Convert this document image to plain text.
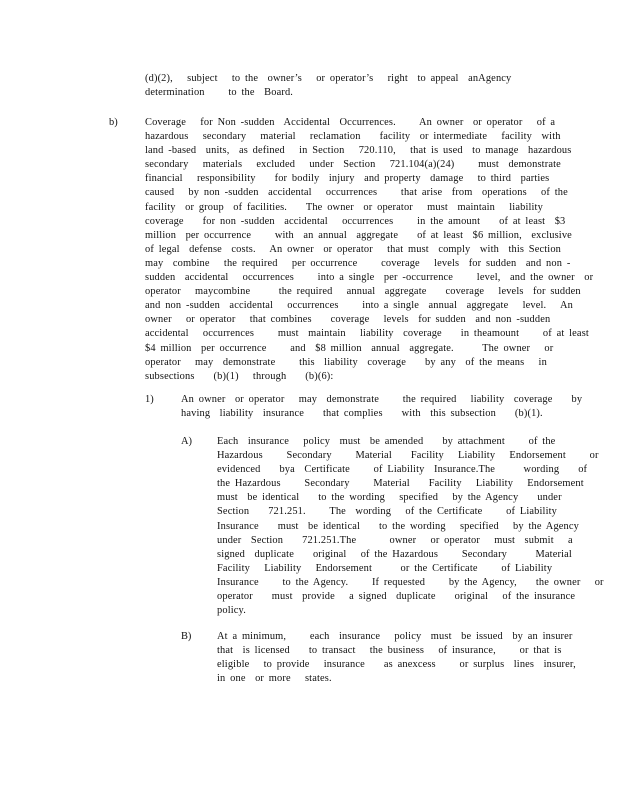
(d)(2),   subject   to the  owner’s   or operator’s   right  to appeal  anAgency
determination     to the  Board.
b)	Coverage   for Non -sudden  Accidental  Occurrences.     An owner  or operator   of a
hazardous   secondary   material   reclamation    facility  or intermediate   facility  with
land -based  units,  as defined   in Section   720.110,   that is used  to manage  hazardous
secondary   materials   excluded   under  Section   721.104(a)(24)     must  demonstrate
financial   responsibility    for bodily  injury  and property  damage   to third  parties
caused   by non -sudden  accidental   occurrences     that arise  from  operations   of the
facility  or group  of facilities.    The owner  or operator   must  maintain   liability
coverage    for non -sudden  accidental   occurrences     in the amount    of at least  $3
million  per occurrence     with  an annual  aggregate    of at least  $6 million,  exclusive
of legal  defense  costs.   An owner  or operator   that must  comply  with  this Section
may  combine   the required   per occurrence     coverage   levels  for sudden  and non -
sudden  accidental   occurrences     into a single  per -occurrence     level,  and the owner  or
operator   maycombine      the required   annual  aggregate    coverage   levels  for sudden
and non -sudden  accidental   occurrences     into a single  annual  aggregate   level.   An
owner   or operator   that combines    coverage   levels  for sudden  and non -sudden
accidental   occurrences     must  maintain   liability  coverage    in theamount     of at least
$4 million  per occurrence     and  $8 million  annual  aggregate.      The owner   or
operator   may  demonstrate     this  liability  coverage    by any  of the means   in
subsections    (b)(1)   through    (b)(6):
1)	An owner  or operator   may  demonstrate     the required   liability  coverage    by
having  liability  insurance    that complies    with  this subsection    (b)(1).
A) Each  insurance   policy  must  be amended    by attachment     of the
Hazardous     Secondary     Material    Facility   Liability   Endorsement     or
evidenced    bya  Certificate     of Liability  Insurance.The      wording    of
the Hazardous     Secondary     Material    Facility   Liability   Endorsement
must  be identical    to the wording   specified   by the Agency    under
Section    721.251.     The  wording   of the Certificate     of Liability
Insurance    must  be identical    to the wording   specified   by the Agency
under  Section    721.251.The       owner   or operator   must  submit   a
signed  duplicate    original   of the Hazardous     Secondary      Material
Facility   Liability   Endorsement      or the Certificate     of Liability
Insurance     to the Agency.     If requested     by the Agency,    the owner   or
operator    must  provide   a signed  duplicate    original   of the insurance
policy.
B) At a minimum,     each  insurance   policy  must  be issued  by an insurer
that  is licensed    to transact   the business   of insurance,     or that is
eligible   to provide   insurance    as anexcess     or surplus  lines  insurer,
in one  or more   states.
